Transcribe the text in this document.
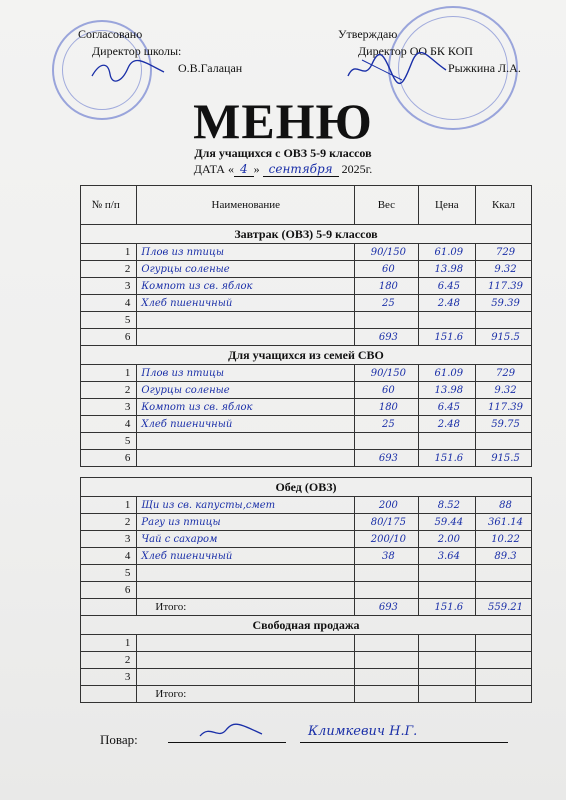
Согласовано
Директор школы:
О.В.Галацан
Утверждаю
Директор ОО БК КОП
Рыжкина Л.А.
МЕНЮ
Для учащихся с ОВЗ 5-9 классов
ДАТА « 4 » сентября 2025г.
№ п/п	Наименование	Вес	Цена	Ккал
Завтрак (ОВЗ) 5-9 классов				
1	Плов из птицы	90/150	61.09	729
2	Огурцы соленые	60	13.98	9.32
3	Компот из св. яблок	180	6.45	117.39
4	Хлеб пшеничный	25	2.48	59.39
5				
6		693	151.6	915.5
Для учащихся из семей СВО				
1	Плов из птицы	90/150	61.09	729
2	Огурцы соленые	60	13.98	9.32
3	Компот из св. яблок	180	6.45	117.39
4	Хлеб пшеничный	25	2.48	59.75
5				
6		693	151.6	915.5

Обед (ОВЗ)				
1	Щи из св. капусты,смет	200	8.52	88
2	Рагу из птицы	80/175	59.44	361.14
3	Чай с сахаром	200/10	2.00	10.22
4	Хлеб пшеничный	38	3.64	89.3
5				
6				
	Итого:	693	151.6	559.21
Свободная продажа				
1				
2				
3				
	Итого:			
Повар:
Климкевич Н.Г.
